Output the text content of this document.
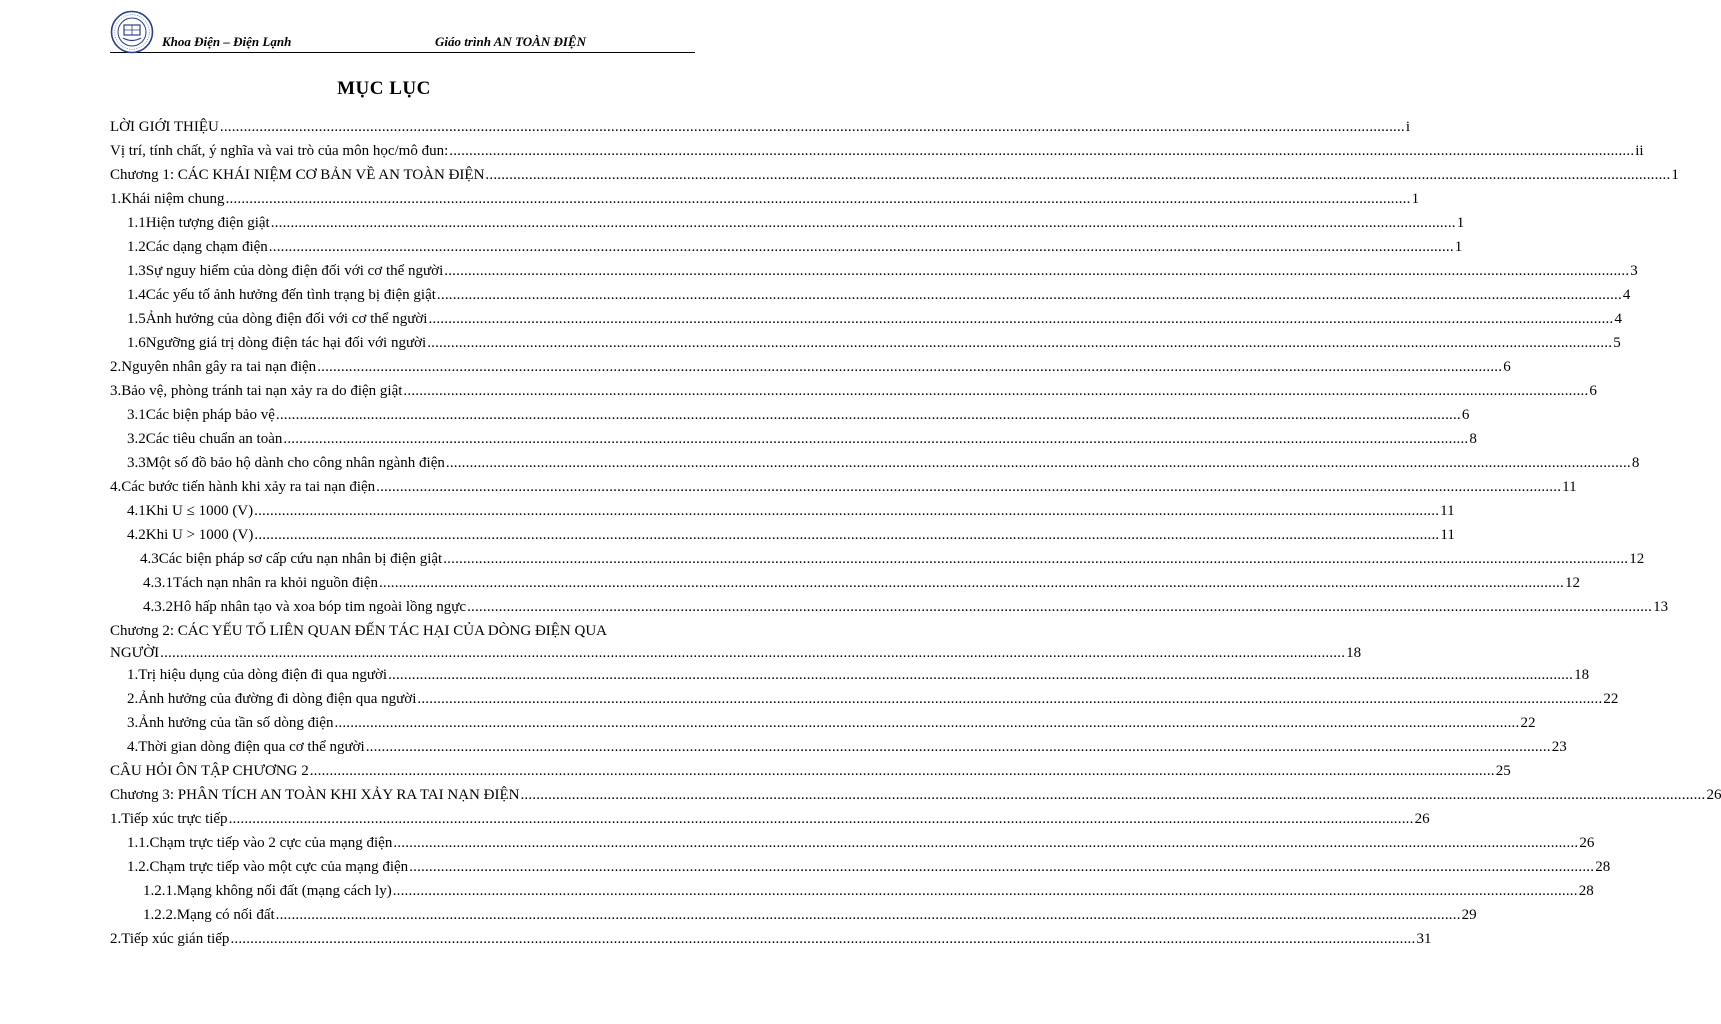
Khoa Điện – Điện Lạnh	Giáo trình AN TOÀN ĐIỆN
MỤC LỤC
LỜI GIỚI THIỆU ............................................................................................................................................................................................................................................................................................................ i
Vị trí, tính chất, ý nghĩa và vai trò của môn học/mô đun: ............................................................................................................................................................................................................................................................................................................ ii
Chương 1: CÁC KHÁI NIỆM CƠ BẢN VỀ AN TOÀN ĐIỆN ............................................................................................................................................................................................................................................................................................................ 1
1. Khái niệm chung ............................................................................................................................................................................................................................................................................................................ 1
1.1 Hiện tượng điện giật ............................................................................................................................................................................................................................................................................................................ 1
1.2 Các dạng chạm điện ............................................................................................................................................................................................................................................................................................................ 1
1.3 Sự nguy hiểm của dòng điện đối với cơ thể người ............................................................................................................................................................................................................................................................................................................ 3
1.4 Các yếu tố ảnh hưởng đến tình trạng bị điện giật ............................................................................................................................................................................................................................................................................................................ 4
1.5 Ảnh hưởng của dòng điện đối với cơ thể người ............................................................................................................................................................................................................................................................................................................ 4
1.6 Ngưỡng giá trị dòng điện tác hại đối với người ............................................................................................................................................................................................................................................................................................................ 5
2. Nguyên nhân gây ra tai nạn điện ............................................................................................................................................................................................................................................................................................................ 6
3. Bảo vệ, phòng tránh tai nạn xảy ra do điện giật ............................................................................................................................................................................................................................................................................................................ 6
3.1 Các biện pháp bảo vệ ............................................................................................................................................................................................................................................................................................................ 6
3.2 Các tiêu chuẩn an toàn ............................................................................................................................................................................................................................................................................................................ 8
3.3 Một số đồ bảo hộ dành cho công nhân ngành điện ............................................................................................................................................................................................................................................................................................................ 8
4. Các bước tiến hành khi xảy ra tai nạn điện ............................................................................................................................................................................................................................................................................................................ 11
4.1 Khi U ≤ 1000 (V) ............................................................................................................................................................................................................................................................................................................ 11
4.2 Khi U > 1000 (V) ............................................................................................................................................................................................................................................................................................................ 11
4.3 Các biện pháp sơ cấp cứu nạn nhân bị điện giật ............................................................................................................................................................................................................................................................................................................ 12
4.3.1 Tách nạn nhân ra khỏi nguồn điện ............................................................................................................................................................................................................................................................................................................ 12
4.3.2 Hô hấp nhân tạo và xoa bóp tim ngoài lồng ngực ............................................................................................................................................................................................................................................................................................................ 13
Chương 2: CÁC YẾU TỐ LIÊN QUAN ĐẾN TÁC HẠI CỦA DÒNG ĐIỆN QUA
NGƯỜI ............................................................................................................................................................................................................................................................................................................ 18
1. Trị hiệu dụng của dòng điện đi qua người ............................................................................................................................................................................................................................................................................................................ 18
2. Ảnh hưởng của đường đi dòng điện qua người ............................................................................................................................................................................................................................................................................................................ 22
3. Ảnh hưởng của tần số dòng điện ............................................................................................................................................................................................................................................................................................................ 22
4. Thời gian dòng điện qua cơ thể người ............................................................................................................................................................................................................................................................................................................ 23
CÂU HỎI ÔN TẬP CHƯƠNG 2 ............................................................................................................................................................................................................................................................................................................ 25
Chương 3: PHÂN TÍCH AN TOÀN KHI XẢY RA TAI NẠN ĐIỆN ............................................................................................................................................................................................................................................................................................................ 26
1. Tiếp xúc trực tiếp ............................................................................................................................................................................................................................................................................................................ 26
1.1. Chạm trực tiếp vào 2 cực của mạng điện ............................................................................................................................................................................................................................................................................................................ 26
1.2. Chạm trực tiếp vào một cực của mạng điện ............................................................................................................................................................................................................................................................................................................ 28
1.2.1. Mạng không nối đất (mạng cách ly) ............................................................................................................................................................................................................................................................................................................ 28
1.2.2. Mạng có nối đất ............................................................................................................................................................................................................................................................................................................ 29
2. Tiếp xúc gián tiếp ............................................................................................................................................................................................................................................................................................................ 31
